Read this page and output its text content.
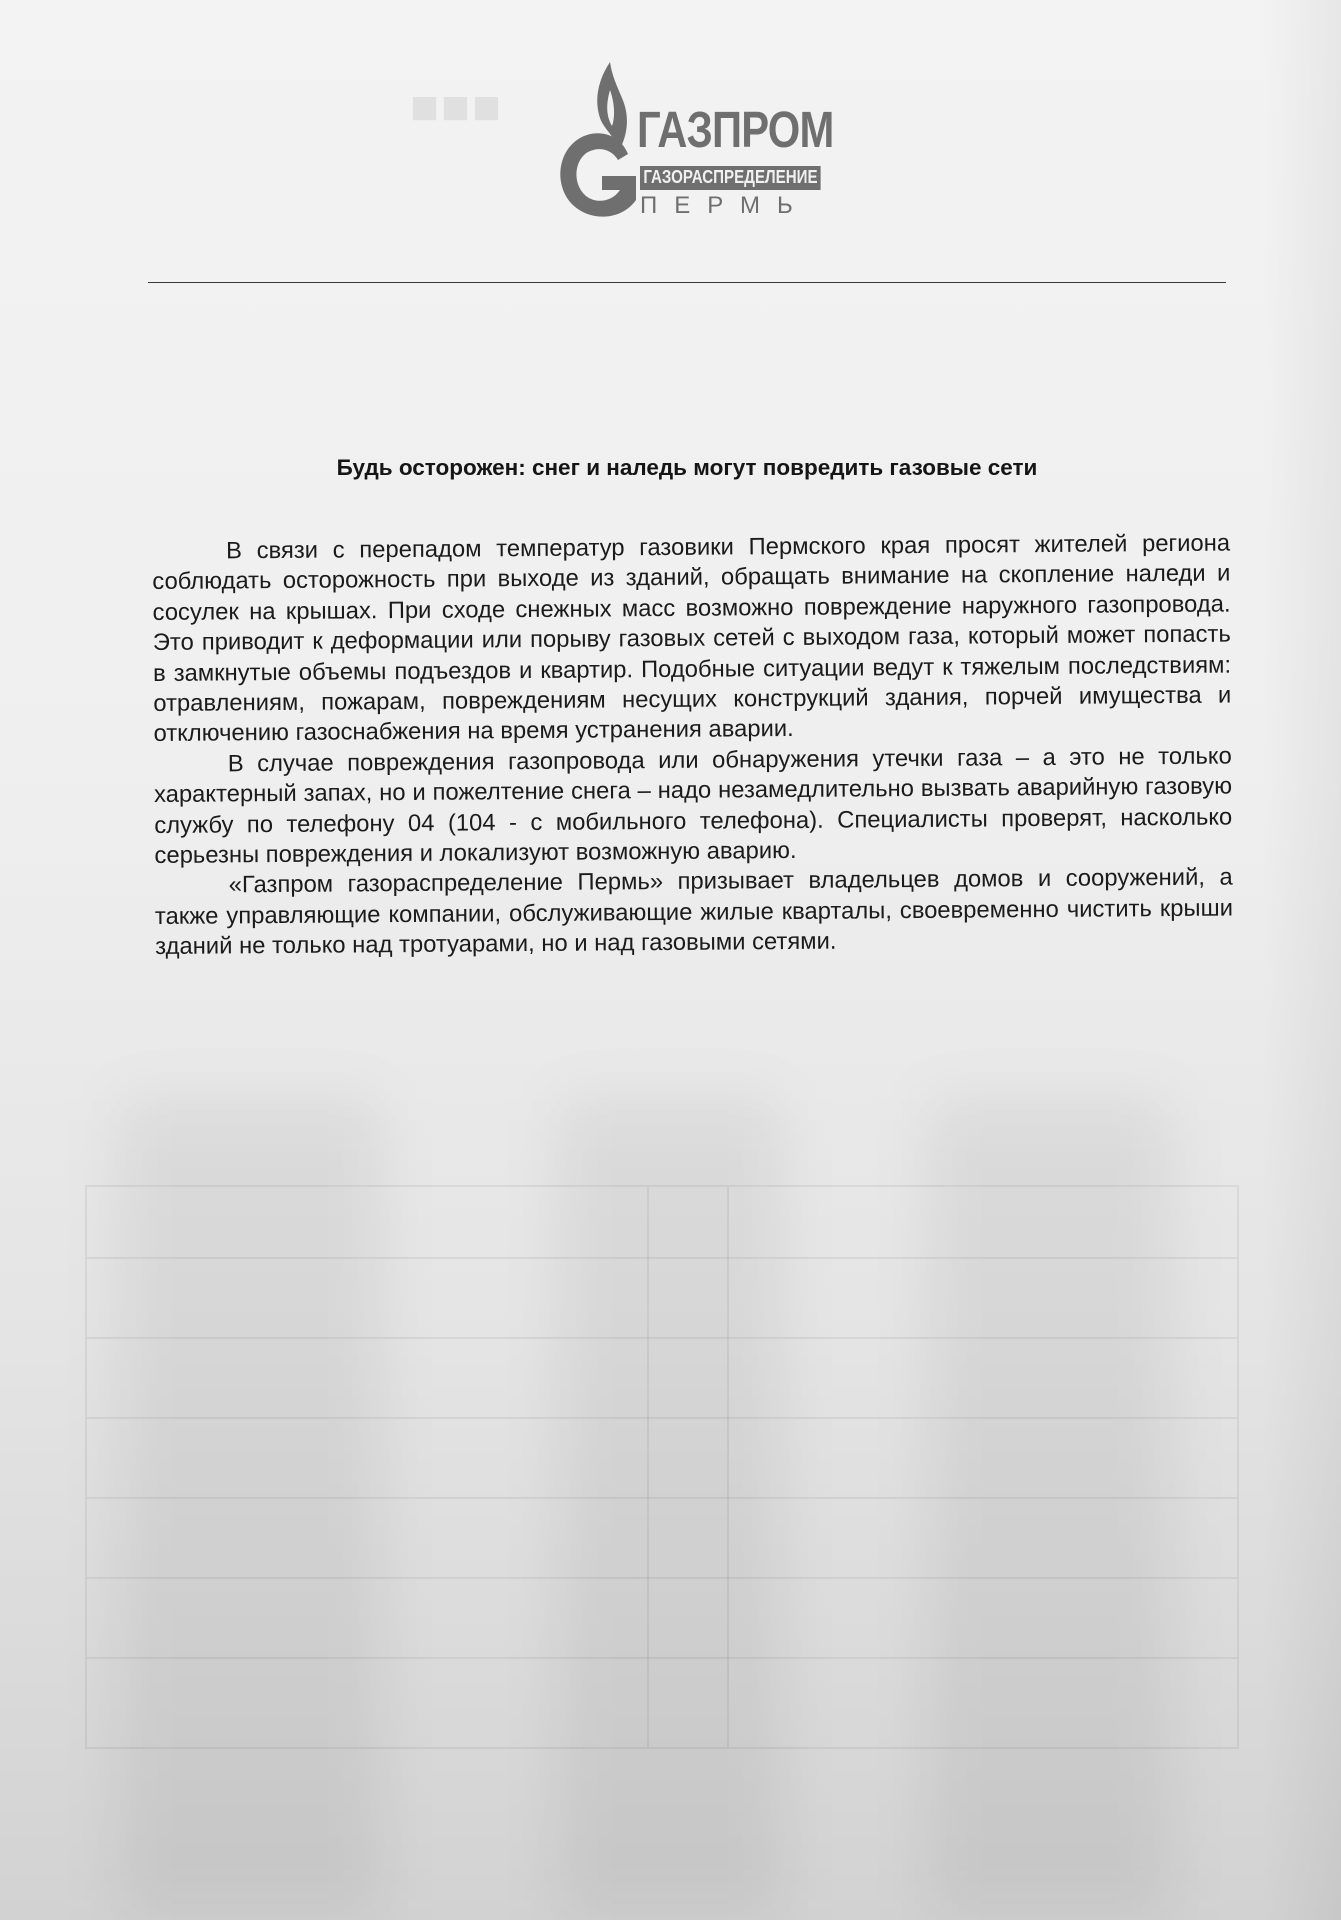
■■■	ГАЗПРОМ
ГАЗОРАСПРЕДЕЛЕНИЕ
ПЕРМЬ
Будь осторожен: снег и наледь могут повредить газовые сети

В связи с перепадом температур газовики Пермского края просят жителей региона соблюдать осторожность при выходе из зданий, обращать внимание на скопление наледи и сосулек на крышах. При сходе снежных масс возможно повреждение наружного газопровода. Это приводит к деформации или порыву газовых сетей с выходом газа, который может попасть в замкнутые объемы подъездов и квартир. Подобные ситуации ведут к тяжелым последствиям: отравлениям, пожарам, повреждениям несущих конструкций здания, порчей имущества и отключению газоснабжения на время устранения аварии.

В случае повреждения газопровода или обнаружения утечки газа – а это не только характерный запах, но и пожелтение снега – надо незамедлительно вызвать аварийную газовую службу по телефону 04 (104 - с мобильного телефона). Специалисты проверят, насколько серьезны повреждения и локализуют возможную аварию.

«Газпром газораспределение Пермь» призывает владельцев домов и сооружений, а также управляющие компании, обслуживающие жилые кварталы, своевременно чистить крыши зданий не только над тротуарами, но и над газовыми сетями.
